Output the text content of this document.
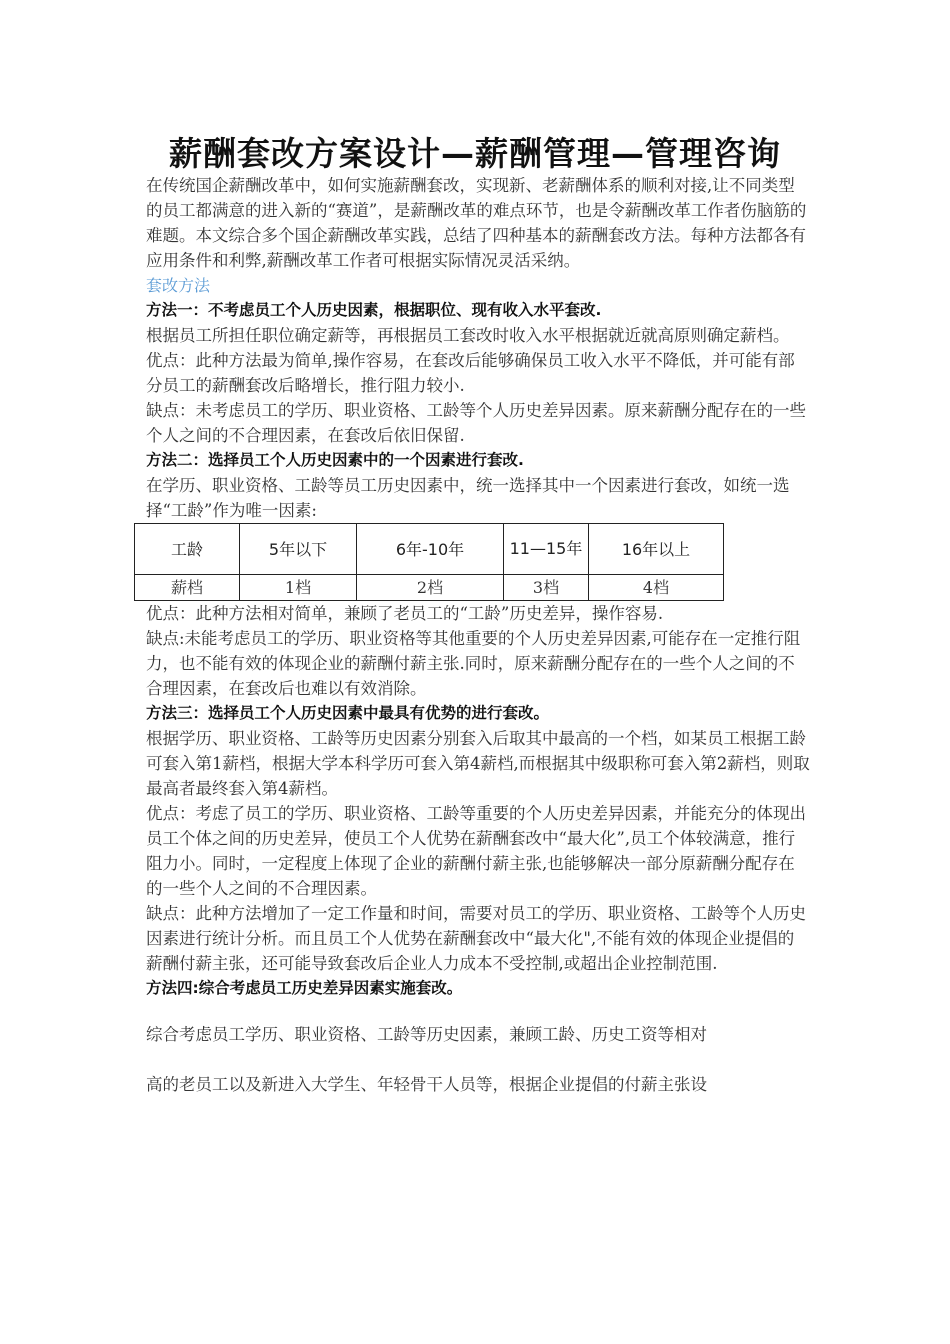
薪酬套改方案设计—薪酬管理—管理咨询

在传统国企薪酬改革中，如何实施薪酬套改，实现新、老薪酬体系的顺利对接,让不同类型的员工都满意的进入新的“赛道”，是薪酬改革的难点环节，也是令薪酬改革工作者伤脑筋的难题。本文综合多个国企薪酬改革实践，总结了四种基本的薪酬套改方法。每种方法都各有应用条件和利弊,薪酬改革工作者可根据实际情况灵活采纳。

套改方法

方法一：不考虑员工个人历史因素，根据职位、现有收入水平套改.

根据员工所担任职位确定薪等，再根据员工套改时收入水平根据就近就高原则确定薪档。

优点：此种方法最为简单,操作容易，在套改后能够确保员工收入水平不降低，并可能有部分员工的薪酬套改后略增长，推行阻力较小.

缺点：未考虑员工的学历、职业资格、工龄等个人历史差异因素。原来薪酬分配存在的一些个人之间的不合理因素，在套改后依旧保留.

方法二：选择员工个人历史因素中的一个因素进行套改.

在学历、职业资格、工龄等员工历史因素中，统一选择其中一个因素进行套改，如统一选择“工龄”作为唯一因素:

工龄	5年以下	6年-10年	11—15年	16年以上
薪档	1档	2档	3档	4档

优点：此种方法相对简单，兼顾了老员工的“工龄”历史差异，操作容易.

缺点:未能考虑员工的学历、职业资格等其他重要的个人历史差异因素,可能存在一定推行阻力，也不能有效的体现企业的薪酬付薪主张.同时，原来薪酬分配存在的一些个人之间的不合理因素，在套改后也难以有效消除。

方法三：选择员工个人历史因素中最具有优势的进行套改。

根据学历、职业资格、工龄等历史因素分别套入后取其中最高的一个档，如某员工根据工龄可套入第1薪档，根据大学本科学历可套入第4薪档,而根据其中级职称可套入第2薪档，则取最高者最终套入第4薪档。

优点：考虑了员工的学历、职业资格、工龄等重要的个人历史差异因素，并能充分的体现出员工个体之间的历史差异，使员工个人优势在薪酬套改中“最大化”,员工个体较满意，推行阻力小。同时，一定程度上体现了企业的薪酬付薪主张,也能够解决一部分原薪酬分配存在的一些个人之间的不合理因素。

缺点：此种方法增加了一定工作量和时间，需要对员工的学历、职业资格、工龄等个人历史因素进行统计分析。而且员工个人优势在薪酬套改中“最大化",不能有效的体现企业提倡的薪酬付薪主张，还可能导致套改后企业人力成本不受控制,或超出企业控制范围.

方法四:综合考虑员工历史差异因素实施套改。

综合考虑员工学历、职业资格、工龄等历史因素，兼顾工龄、历史工资等相对

高的老员工以及新进入大学生、年轻骨干人员等，根据企业提倡的付薪主张设
